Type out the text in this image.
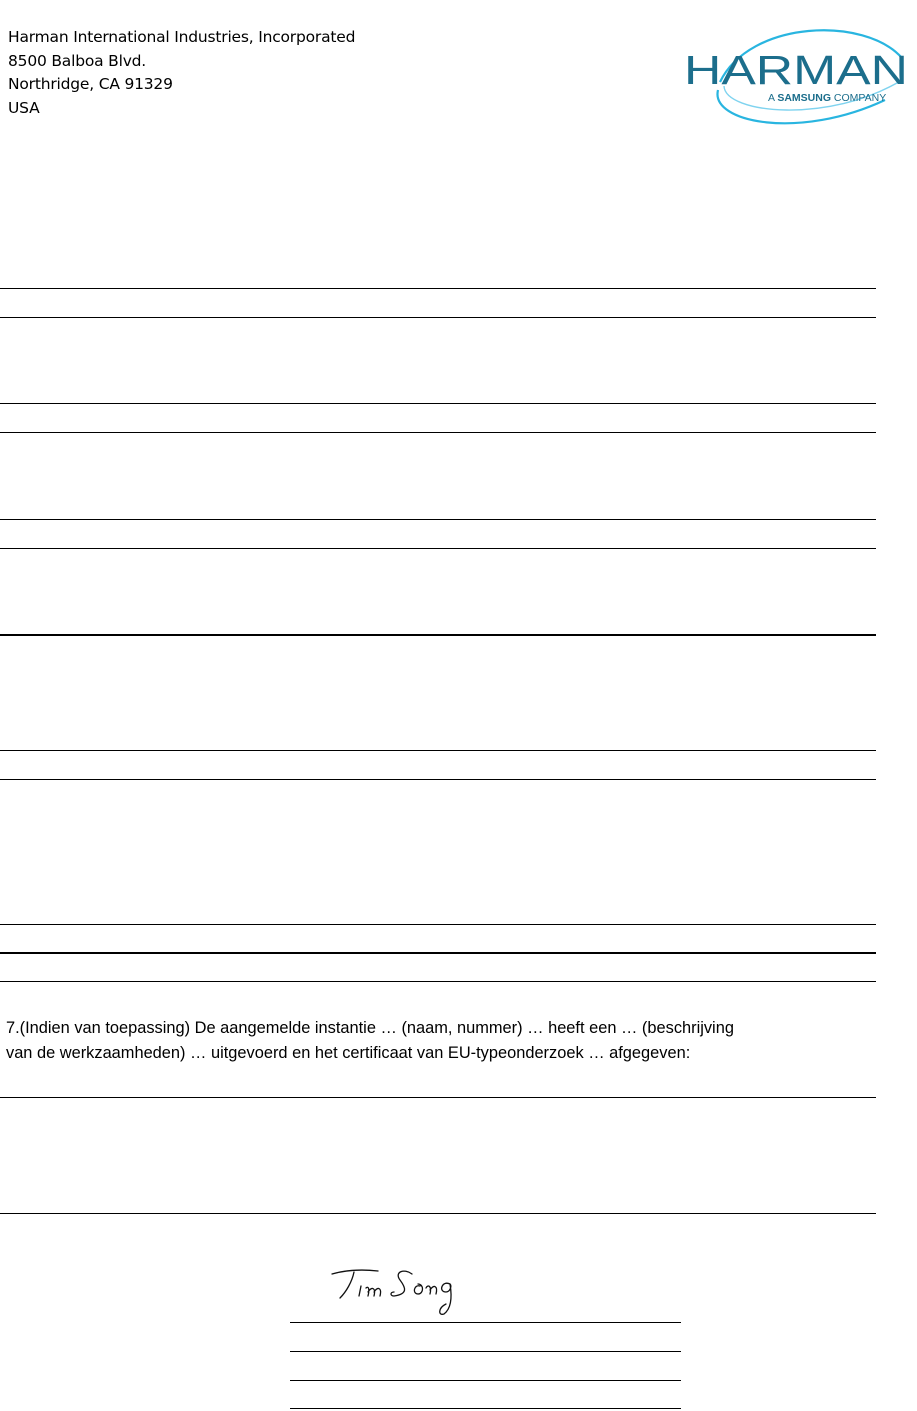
Harman International Industries, Incorporated
8500 Balboa Blvd.
Northridge, CA 91329
USA
HARMAN
A SAMSUNG COMPANY
7.(Indien van toepassing) De aangemelde instantie … (naam, nummer) … heeft een … (beschrijving
van de werkzaamheden) … uitgevoerd en het certificaat van EU-typeonderzoek … afgegeven:
